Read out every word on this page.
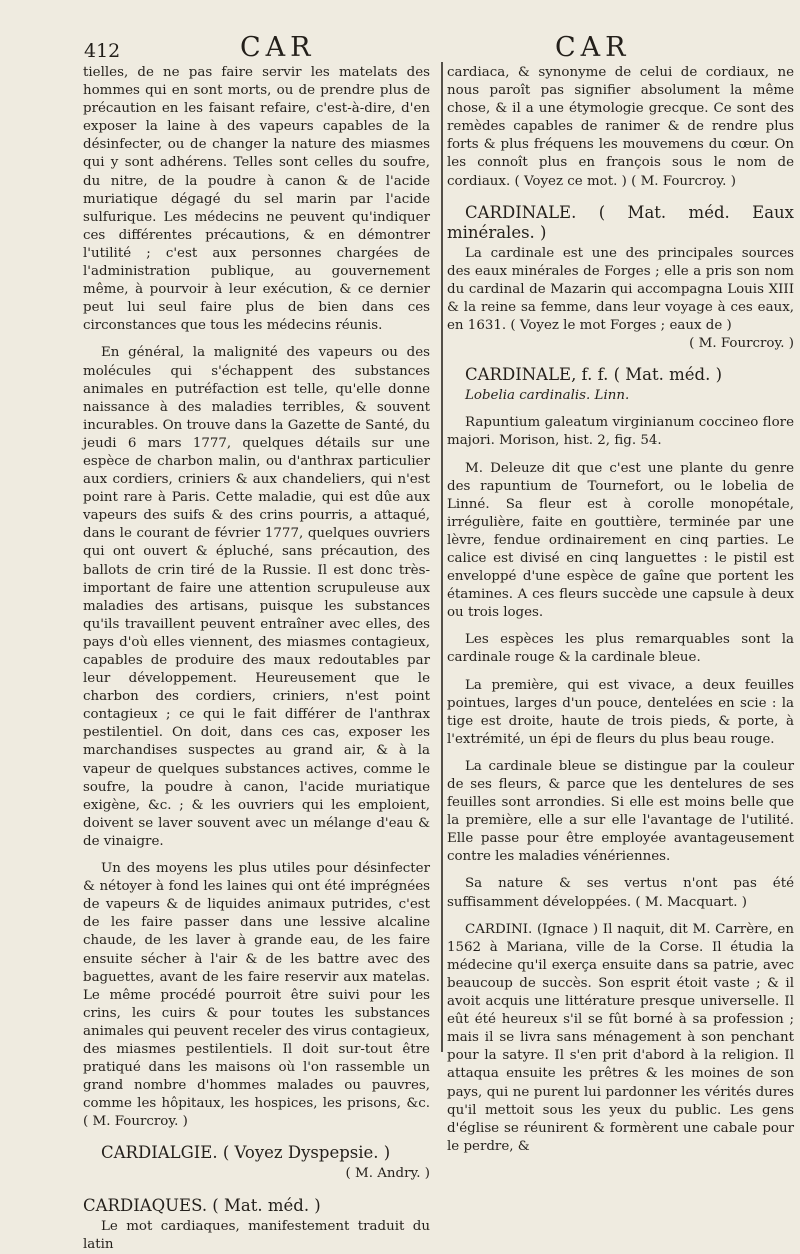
412	CAR	CAR

tielles, de ne pas faire servir les matelats des hommes qui en sont morts, ou de prendre plus de précaution en les faisant refaire, c'est-à-dire, d'en exposer la laine à des vapeurs capables de la désinfecter, ou de changer la nature des miasmes qui y sont adhérens. Telles sont celles du soufre, du nitre, de la poudre à canon & de l'acide muriatique dégagé du sel marin par l'acide sulfurique. Les médecins ne peuvent qu'indiquer ces différentes précautions, & en démontrer l'utilité ; c'est aux personnes chargées de l'administration publique, au gouvernement même, à pourvoir à leur exécution, & ce dernier peut lui seul faire plus de bien dans ces circonstances que tous les médecins réunis.

En général, la malignité des vapeurs ou des molécules qui s'échappent des substances animales en putréfaction est telle, qu'elle donne naissance à des maladies terribles, & souvent incurables. On trouve dans la Gazette de Santé, du jeudi 6 mars 1777, quelques détails sur une espèce de charbon malin, ou d'anthrax particulier aux cordiers, criniers & aux chandeliers, qui n'est point rare à Paris. Cette maladie, qui est dûe aux vapeurs des suifs & des crins pourris, a attaqué, dans le courant de février 1777, quelques ouvriers qui ont ouvert & épluché, sans précaution, des ballots de crin tiré de la Russie. Il est donc très-important de faire une attention scrupuleuse aux maladies des artisans, puisque les substances qu'ils travaillent peuvent entraîner avec elles, des pays d'où elles viennent, des miasmes contagieux, capables de produire des maux redoutables par leur développement. Heureusement que le charbon des cordiers, criniers, n'est point contagieux ; ce qui le fait différer de l'anthrax pestilentiel. On doit, dans ces cas, exposer les marchandises suspectes au grand air, & à la vapeur de quelques substances actives, comme le soufre, la poudre à canon, l'acide muriatique exigène, &c. ; & les ouvriers qui les emploient, doivent se laver souvent avec un mélange d'eau & de vinaigre.

Un des moyens les plus utiles pour désinfecter & nétoyer à fond les laines qui ont été imprégnées de vapeurs & de liquides animaux putrides, c'est de les faire passer dans une lessive alcaline chaude, de les laver à grande eau, de les faire ensuite sécher à l'air & de les battre avec des baguettes, avant de les faire reservir aux matelas. Le même procédé pourroit être suivi pour les crins, les cuirs & pour toutes les substances animales qui peuvent receler des virus contagieux, des miasmes pestilentiels. Il doit sur-tout être pratiqué dans les maisons où l'on rassemble un grand nombre d'hommes malades ou pauvres, comme les hôpitaux, les hospices, les prisons, &c. ( M. Fourcroy. )

CARDIALGIE. ( Voyez Dyspepsie. )

( M. Andry. )

CARDIAQUES. ( Mat. méd. )

Le mot cardiaques, manifestement traduit du latin

cardiaca, & synonyme de celui de cordiaux, ne nous paroît pas signifier absolument la même chose, & il a une étymologie grecque. Ce sont des remèdes capables de ranimer & de rendre plus forts & plus fréquens les mouvemens du cœur. On les connoît plus en françois sous le nom de cordiaux. ( Voyez ce mot. ) ( M. Fourcroy. )

CARDINALE. ( Mat. méd. Eaux minérales. )

La cardinale est une des principales sources des eaux minérales de Forges ; elle a pris son nom du cardinal de Mazarin qui accompagna Louis XIII & la reine sa femme, dans leur voyage à ces eaux, en 1631. ( Voyez le mot Forges ; eaux de )

( M. Fourcroy. )

CARDINALE, f. f. ( Mat. méd. )

Lobelia cardinalis. Linn.

Rapuntium galeatum virginianum coccineo flore majori. Morison, hist. 2, fig. 54.

M. Deleuze dit que c'est une plante du genre des rapuntium de Tournefort, ou le lobelia de Linné. Sa fleur est à corolle monopétale, irrégulière, faite en gouttière, terminée par une lèvre, fendue ordinairement en cinq parties. Le calice est divisé en cinq languettes : le pistil est enveloppé d'une espèce de gaîne que portent les étamines. A ces fleurs succède une capsule à deux ou trois loges.

Les espèces les plus remarquables sont la cardinale rouge & la cardinale bleue.

La première, qui est vivace, a deux feuilles pointues, larges d'un pouce, dentelées en scie : la tige est droite, haute de trois pieds, & porte, à l'extrémité, un épi de fleurs du plus beau rouge.

La cardinale bleue se distingue par la couleur de ses fleurs, & parce que les dentelures de ses feuilles sont arrondies. Si elle est moins belle que la première, elle a sur elle l'avantage de l'utilité. Elle passe pour être employée avantageusement contre les maladies vénériennes.

Sa nature & ses vertus n'ont pas été suffisamment développées. ( M. Macquart. )

CARDINI. (Ignace ) Il naquit, dit M. Carrère, en 1562 à Mariana, ville de la Corse. Il étudia la médecine qu'il exerça ensuite dans sa patrie, avec beaucoup de succès. Son esprit étoit vaste ; & il avoit acquis une littérature presque universelle. Il eût été heureux s'il se fût borné à sa profession ; mais il se livra sans ménagement à son penchant pour la satyre. Il s'en prit d'abord à la religion. Il attaqua ensuite les prêtres & les moines de son pays, qui ne purent lui pardonner les vérités dures qu'il mettoit sous les yeux du public. Les gens d'église se réunirent & formèrent une cabale pour le perdre, &
